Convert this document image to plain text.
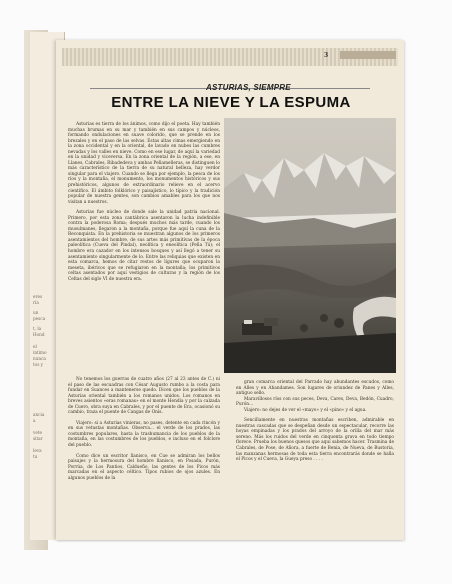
eres
ría
un
pesca
t, la
Hond
el
intimo
nunca
tos y
ancia
a
vete
sitar
leva
tu
3
ASTURIAS, SIEMPRE
ENTRE LA NIEVE Y LA ESPUMA

Asturias es tierra de los ánimos, como dijo el poeta. Hay también muchas brumas en su mar y también en sus campos y núcleos, formando ondulaciones en suave colorido, que se prende en los brezales y en el paso de las selvas. Estas altas cimas emergiendo en la zona occidental y en la oriental, de lavado en nubes las cumbres nevadas y los valles en nieve. Como en ese lugar, de aquí la variedad en la unidad y viceversa. En la zona oriental de la región, a ese, en Llanes, Cabrales, Ribadedeva y ambas Peñamelleras, se distinguen lo más característico de la tierra de su natural belleza, hay verdor singular para el viajero. Cuando se llega por ejemplo, la pesca de los ríos y la montaña, el monumento, los monumentos históricos y sus prehistóricos, algunos de extraordinario relieve en el acervo científico. El ámbito folklórico y paisajístico, lo típico y la tradición popular de nuestra gentes, son cambios amables para los que nos visitan a nuestros.

Asturias fue núcleo de donde sale la unidad patria nacional. Primero, por esta zona cantábrica asentaron la lucha indefinible contra la poderosa Roma; después muchos más tarde, cuando los musulmanes, llegaron a la montaña, porque fue aquí la cuna de la Reconquista. En la prehistoria se muestran algunos de los primeros asentamientos del hombre, de sus artes más primitivas de la época paleolítica (Cueva del Pindal), neolítica y eneolítica (Peña Tú); el hombre era cazador en los intensos bosques y así llegó a tener su asentamiento singularmente de lo. Entre las reliquias que existen en esta comarca, hemos de citar restos de lígures que ocuparon la meseta, ibéricos que se refugiaron en la montaña; los primitivos celtas asentados por aquí vestigios de culturas y la región de los Celtas del siglo VI de nuestra era.

No tenemos los guerras de cuatro años (27 al 23 antes de C.) ni el paso de las escuadras con César Augusto rumbo a la costa para fundar en Suances a mantenerse quedo. Dicen que los pueblos de la Asturias oriental también a los romanos unidos. Los romanos en breves asientos «eras romanas» en el monte Hendía y por la calzada de Cuero, obra suya en Cabrales, y por el puente de Era, ocasionó su cambio, traza el puente de Cangas de Onís.

Viajero: si a Asturias vinieras, no pases, detente en cada rincón y en sus vetustas montañas. Observa... el verde de los prados, las costumbres populares, hasta la trashumancia de los pueblos de la montaña, en las costumbres de los pueblos, e incluso en el folclore del pueblo.

Como dice un escritor llanisco, en Cue se admiran los bellos paisajes y la hermosura del hombre llanisco, en Posada, Purón, Porrúa, de Los Pantios, Caldueño, las gentes de los Picos más marcadas en el aspecto céltico. Tipos rubios de ojos azules. En algunos pueblos de la

gran comarca oriental del Parrado hay abundantes escudos, como en Alles y en Abandames. Son lugares de oriundez de Panes y Alles, antiguo sello.

Maravillosos ríos con sus peces, Deva, Cares, Deva, Bedón, Cuadro, Purón...

Viajero: no dejes de ver el «mayo» y el «pino» y el agua.

Sencillamente en nuestras montañas escriben, admirable en nuestras cascadas que se despeñan desde un espectacular, recorre las hoyas empinadas y los prados del arroyo de la orilla del mar más sereno. Más los ruidos del verde en cinquenta grava en todo tiempo florece. Prueba los buenos quesos que aquí sabemos hacer. Trasmina de Cabrales, de Pose, de Añora, a fuerte de Benia, de Nueva, de Bustoria, las manzanas hermosas de toda esta tierra encontrarás donde se halla el Picos y el Cueva, la Gueya preso . . . .
